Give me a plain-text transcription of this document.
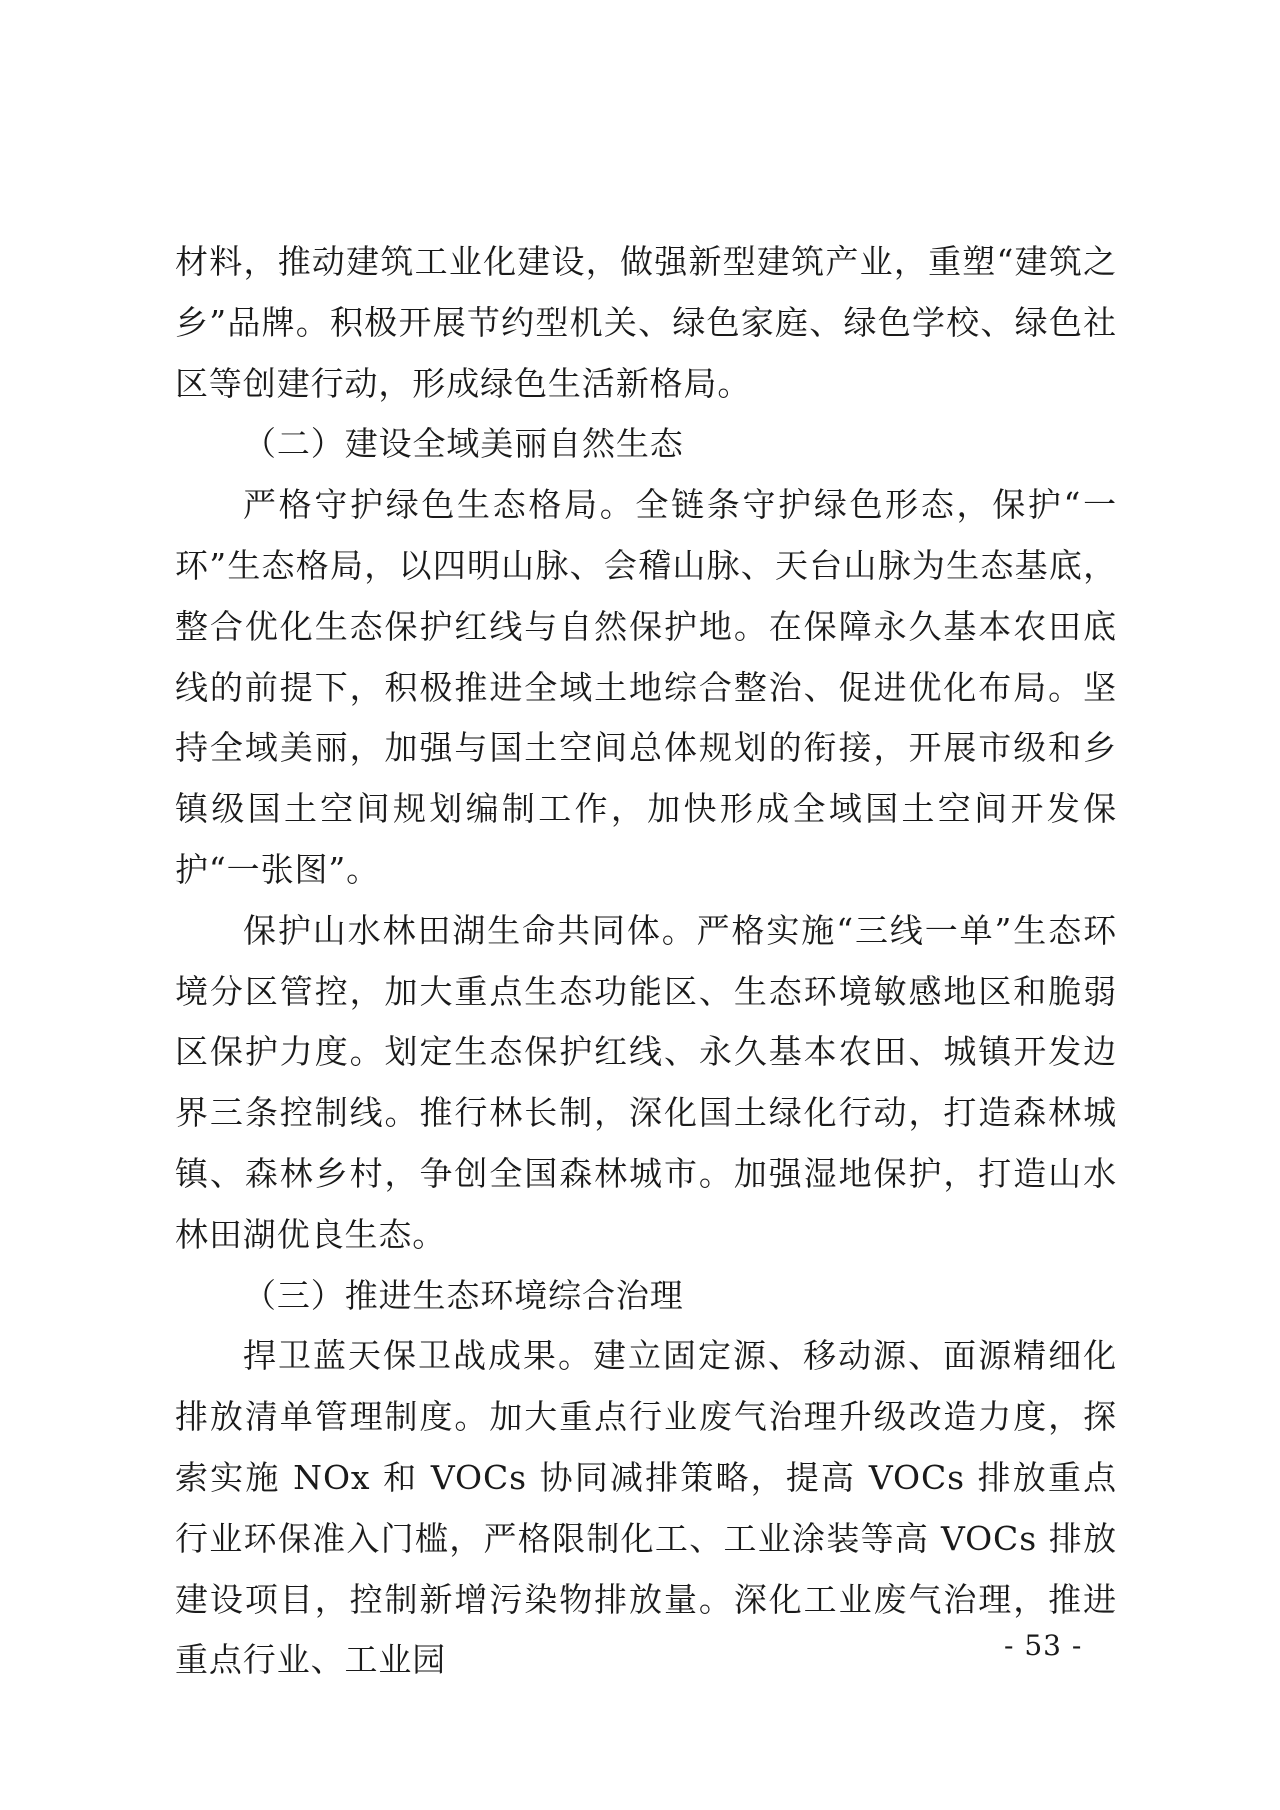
材料，推动建筑工业化建设，做强新型建筑产业，重塑“建筑之乡”品牌。积极开展节约型机关、绿色家庭、绿色学校、绿色社区等创建行动，形成绿色生活新格局。

（二）建设全域美丽自然生态

严格守护绿色生态格局。全链条守护绿色形态，保护“一环”生态格局，以四明山脉、会稽山脉、天台山脉为生态基底，整合优化生态保护红线与自然保护地。在保障永久基本农田底线的前提下，积极推进全域土地综合整治、促进优化布局。坚持全域美丽，加强与国土空间总体规划的衔接，开展市级和乡镇级国土空间规划编制工作，加快形成全域国土空间开发保护“一张图”。

保护山水林田湖生命共同体。严格实施“三线一单”生态环境分区管控，加大重点生态功能区、生态环境敏感地区和脆弱区保护力度。划定生态保护红线、永久基本农田、城镇开发边界三条控制线。推行林长制，深化国土绿化行动，打造森林城镇、森林乡村，争创全国森林城市。加强湿地保护，打造山水林田湖优良生态。

（三）推进生态环境综合治理

捍卫蓝天保卫战成果。建立固定源、移动源、面源精细化排放清单管理制度。加大重点行业废气治理升级改造力度，探索实施 NOx 和 VOCs 协同减排策略，提高 VOCs 排放重点行业环保准入门槛，严格限制化工、工业涂装等高 VOCs 排放建设项目，控制新增污染物排放量。深化工业废气治理，推进重点行业、工业园	- 53 -
